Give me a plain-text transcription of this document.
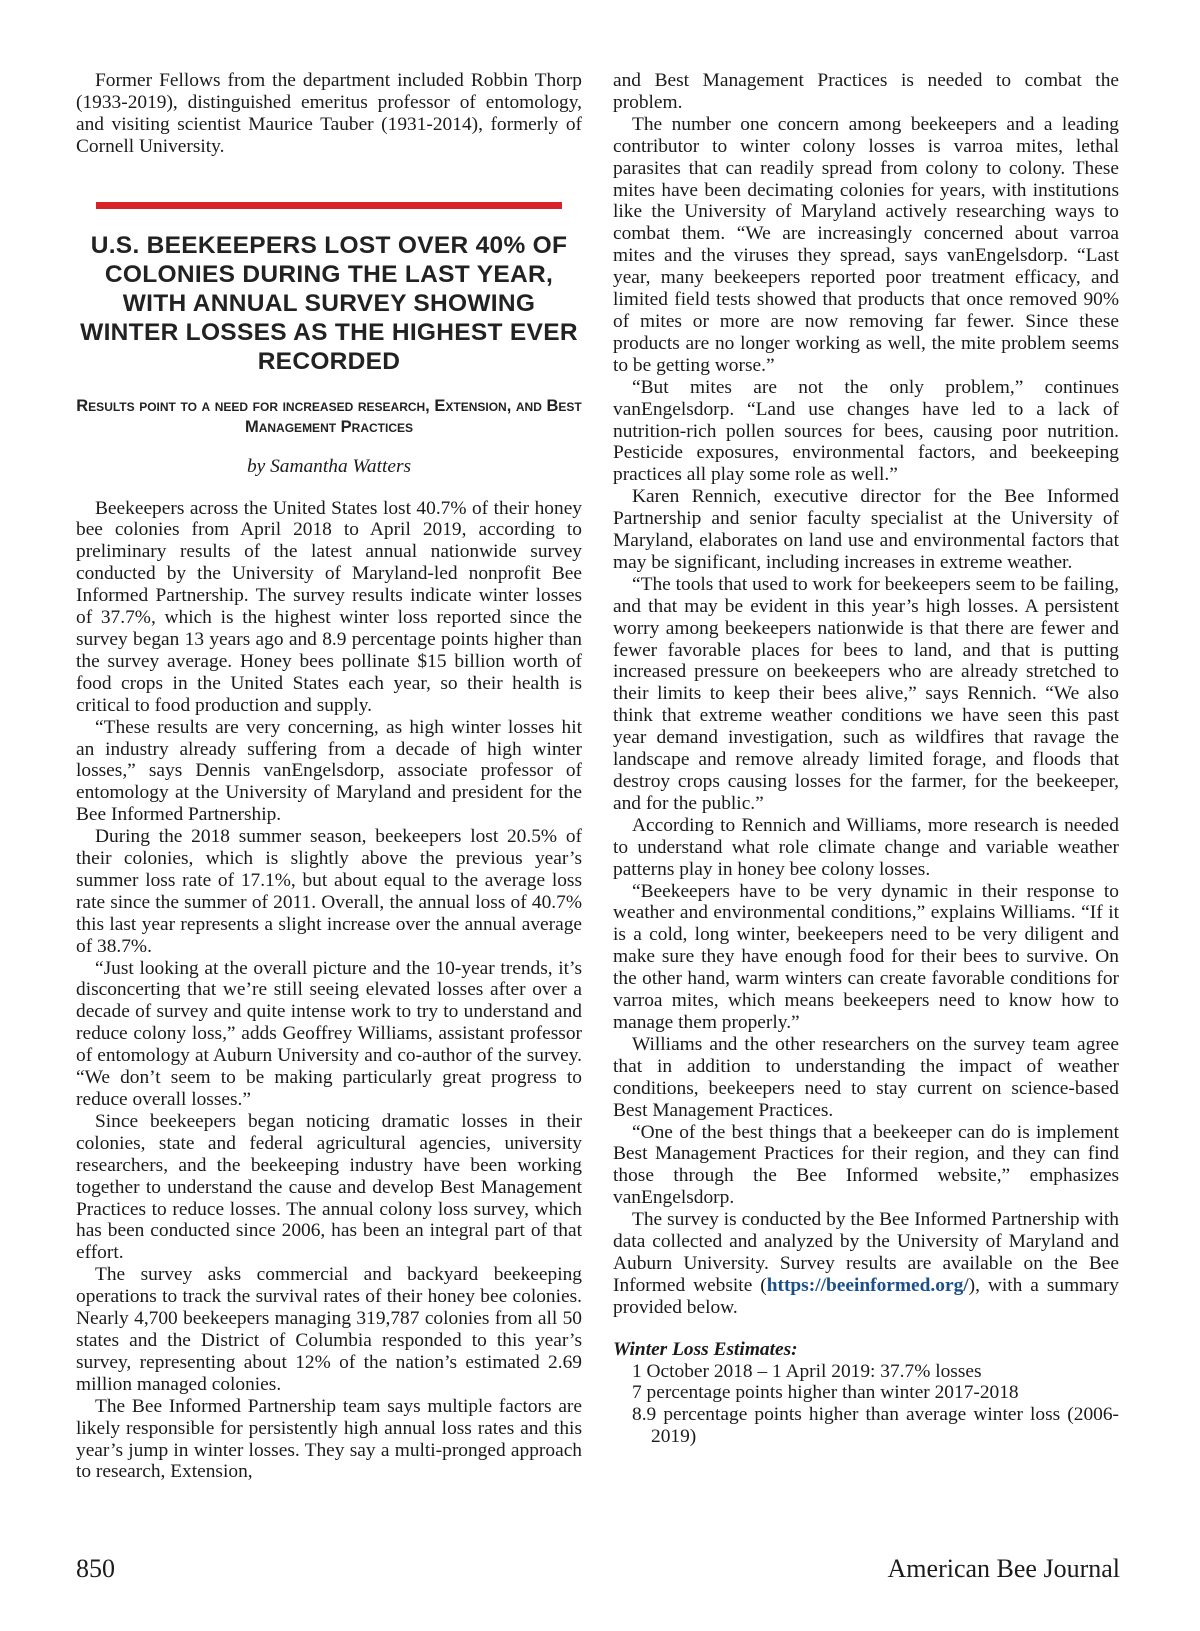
Former Fellows from the department included Robbin Thorp (1933-2019), distinguished emeritus professor of entomology, and visiting scientist Maurice Tauber (1931-2014), formerly of Cornell University.

U.S. BEEKEEPERS LOST OVER 40% OF COLONIES DURING THE LAST YEAR, WITH ANNUAL SURVEY SHOWING WINTER LOSSES AS THE HIGHEST EVER RECORDED
Results point to a need for increased research, Extension, and Best Management Practices
by Samantha Watters

Beekeepers across the United States lost 40.7% of their honey bee colonies from April 2018 to April 2019, according to preliminary results of the latest annual nationwide survey conducted by the University of Maryland-led nonprofit Bee Informed Partnership. The survey results indicate winter losses of 37.7%, which is the highest winter loss reported since the survey began 13 years ago and 8.9 percentage points higher than the survey average. Honey bees pollinate $15 billion worth of food crops in the United States each year, so their health is critical to food production and supply.

“These results are very concerning, as high winter losses hit an industry already suffering from a decade of high winter losses,” says Dennis vanEngelsdorp, associate professor of entomology at the University of Maryland and president for the Bee Informed Partnership.

During the 2018 summer season, beekeepers lost 20.5% of their colonies, which is slightly above the previous year’s summer loss rate of 17.1%, but about equal to the average loss rate since the summer of 2011. Overall, the annual loss of 40.7% this last year represents a slight increase over the annual average of 38.7%.

“Just looking at the overall picture and the 10-year trends, it’s disconcerting that we’re still seeing elevated losses after over a decade of survey and quite intense work to try to understand and reduce colony loss,” adds Geoffrey Williams, assistant professor of entomology at Auburn University and co-author of the survey. “We don’t seem to be making particularly great progress to reduce overall losses.”

Since beekeepers began noticing dramatic losses in their colonies, state and federal agricultural agencies, university researchers, and the beekeeping industry have been working together to understand the cause and develop Best Management Practices to reduce losses. The annual colony loss survey, which has been conducted since 2006, has been an integral part of that effort.

The survey asks commercial and backyard beekeeping operations to track the survival rates of their honey bee colonies. Nearly 4,700 beekeepers managing 319,787 colonies from all 50 states and the District of Columbia responded to this year’s survey, representing about 12% of the nation’s estimated 2.69 million managed colonies.

The Bee Informed Partnership team says multiple factors are likely responsible for persistently high annual loss rates and this year’s jump in winter losses. They say a multi-pronged approach to research, Extension,

and Best Management Practices is needed to combat the problem.

The number one concern among beekeepers and a leading contributor to winter colony losses is varroa mites, lethal parasites that can readily spread from colony to colony. These mites have been decimating colonies for years, with institutions like the University of Maryland actively researching ways to combat them. “We are increasingly concerned about varroa mites and the viruses they spread, says vanEngelsdorp. “Last year, many beekeepers reported poor treatment efficacy, and limited field tests showed that products that once removed 90% of mites or more are now removing far fewer. Since these products are no longer working as well, the mite problem seems to be getting worse.”

“But mites are not the only problem,” continues vanEngelsdorp. “Land use changes have led to a lack of nutrition-rich pollen sources for bees, causing poor nutrition. Pesticide exposures, environmental factors, and beekeeping practices all play some role as well.”

Karen Rennich, executive director for the Bee Informed Partnership and senior faculty specialist at the University of Maryland, elaborates on land use and environmental factors that may be significant, including increases in extreme weather.

“The tools that used to work for beekeepers seem to be failing, and that may be evident in this year’s high losses. A persistent worry among beekeepers nationwide is that there are fewer and fewer favorable places for bees to land, and that is putting increased pressure on beekeepers who are already stretched to their limits to keep their bees alive,” says Rennich. “We also think that extreme weather conditions we have seen this past year demand investigation, such as wildfires that ravage the landscape and remove already limited forage, and floods that destroy crops causing losses for the farmer, for the beekeeper, and for the public.”

According to Rennich and Williams, more research is needed to understand what role climate change and variable weather patterns play in honey bee colony losses.

“Beekeepers have to be very dynamic in their response to weather and environmental conditions,” explains Williams. “If it is a cold, long winter, beekeepers need to be very diligent and make sure they have enough food for their bees to survive. On the other hand, warm winters can create favorable conditions for varroa mites, which means beekeepers need to know how to manage them properly.”

Williams and the other researchers on the survey team agree that in addition to understanding the impact of weather conditions, beekeepers need to stay current on science-based Best Management Practices.

“One of the best things that a beekeeper can do is implement Best Management Practices for their region, and they can find those through the Bee Informed website,” emphasizes vanEngelsdorp.

The survey is conducted by the Bee Informed Partnership with data collected and analyzed by the University of Maryland and Auburn University. Survey results are available on the Bee Informed website (https://beeinformed.org/), with a summary provided below.

Winter Loss Estimates:
1 October 2018 – 1 April 2019: 37.7% losses
7 percentage points higher than winter 2017-2018
8.9 percentage points higher than average winter loss (2006-2019)
850	American Bee Journal
